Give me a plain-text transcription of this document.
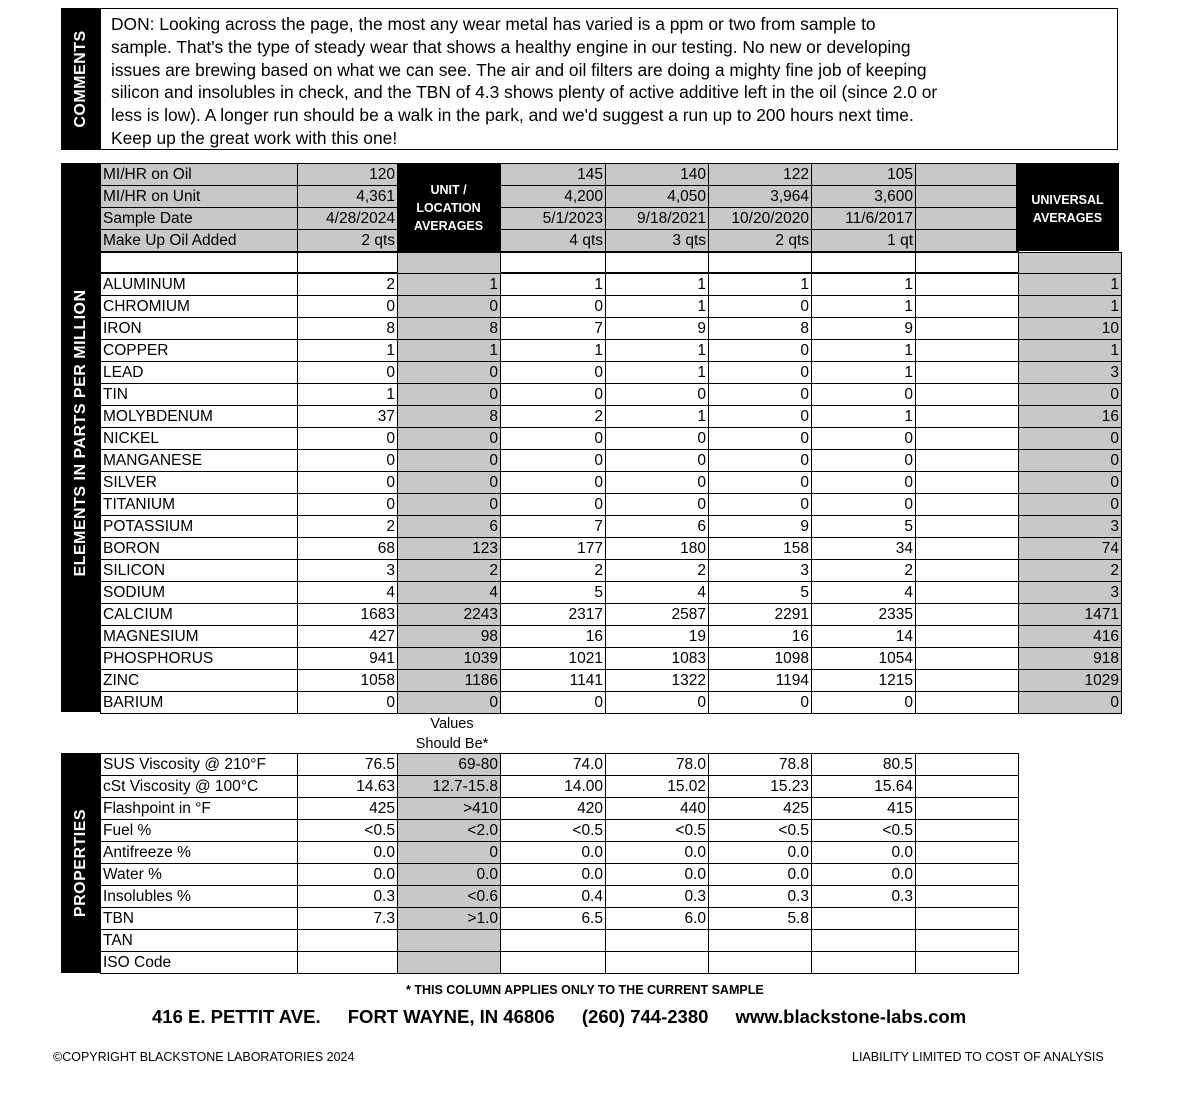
COMMENTS
DON: Looking across the page, the most any wear metal has varied is a ppm or two from sample to
sample. That's the type of steady wear that shows a healthy engine in our testing. No new or developing
issues are brewing based on what we can see. The air and oil filters are doing a mighty fine job of keeping
silicon and insolubles in check, and the TBN of 4.3 shows plenty of active additive left in the oil (since 2.0 or
less is low). A longer run should be a walk in the park, and we'd suggest a run up to 200 hours next time.
Keep up the great work with this one!
ELEMENTS IN PARTS PER MILLION
MI/HR on Oil	120		145	140	122	105	
MI/HR on Unit	4,361		4,200	4,050	3,964	3,600	
Sample Date	4/28/2024		5/1/2023	9/18/2021	10/20/2020	11/6/2017	
Make Up Oil Added	2 qts		4 qts	3 qts	2 qts	1 qt	

UNIT /
LOCATION
AVERAGES
UNIVERSAL
AVERAGES

ALUMINUM	2	1	1	1	1	1		1
CHROMIUM	0	0	0	1	0	1		1
IRON	8	8	7	9	8	9		10
COPPER	1	1	1	1	0	1		1
LEAD	0	0	0	1	0	1		3
TIN	1	0	0	0	0	0		0
MOLYBDENUM	37	8	2	1	0	1		16
NICKEL	0	0	0	0	0	0		0
MANGANESE	0	0	0	0	0	0		0
SILVER	0	0	0	0	0	0		0
TITANIUM	0	0	0	0	0	0		0
POTASSIUM	2	6	7	6	9	5		3
BORON	68	123	177	180	158	34		74
SILICON	3	2	2	2	3	2		2
SODIUM	4	4	5	4	5	4		3
CALCIUM	1683	2243	2317	2587	2291	2335		1471
MAGNESIUM	427	98	16	19	16	14		416
PHOSPHORUS	941	1039	1021	1083	1098	1054		918
ZINC	1058	1186	1141	1322	1194	1215		1029
BARIUM	0	0	0	0	0	0		0
Values
Should Be*
PROPERTIES
SUS Viscosity @ 210°F	76.5	69-80	74.0	78.0	78.8	80.5	
cSt Viscosity @ 100°C	14.63	12.7-15.8	14.00	15.02	15.23	15.64	
Flashpoint in °F	425	>410	420	440	425	415	
Fuel %	<0.5	<2.0	<0.5	<0.5	<0.5	<0.5	
Antifreeze %	0.0	0	0.0	0.0	0.0	0.0	
Water %	0.0	0.0	0.0	0.0	0.0	0.0	
Insolubles %	0.3	<0.6	0.4	0.3	0.3	0.3	
TBN	7.3	>1.0	6.5	6.0	5.8		
TAN							
ISO Code							
* THIS COLUMN APPLIES ONLY TO THE CURRENT SAMPLE
416 E. PETTIT AVE. FORT WAYNE, IN 46806 (260) 744-2380 www.blackstone-labs.com
©COPYRIGHT BLACKSTONE LABORATORIES 2024	LIABILITY LIMITED TO COST OF ANALYSIS
